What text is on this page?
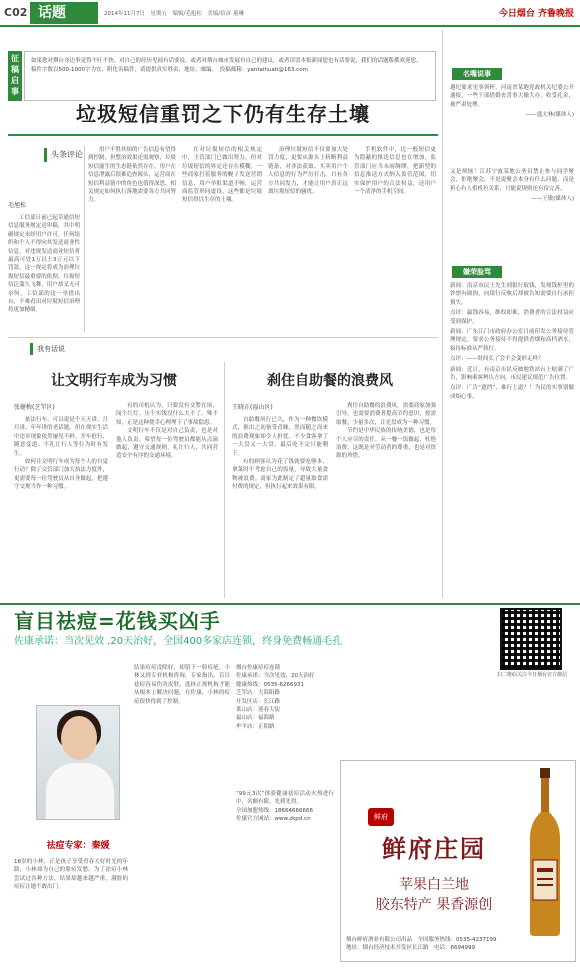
C02 话题	2014年11月7日　星期五　编辑/毛旭松　美编/信彦 董琳	今日烟台 齐鲁晚报
征稿启事
如果您对烟台身边事觉得不吐不快，对自己的经历见闻有话要说，或者对烟台城市发展有自己的建议，或者读罢本报新闻您也有话要说，我们的话题版都欢迎您。
稿件字数以500-1000字为宜，附化名稿件，请提供真实姓名、地址、邮编。　投稿邮箱：yantaihuati@163.com
垃圾短信重罚之下仍有生存土壤
头条评论
毛旭松

工信部日前已起草通信短信息服务规定送审稿，其中明确规定未经用户许可，任何组织和个人不得向其发送商业性信息，对违规发送商业短信者最高可处1万以上3万元以下罚款。这一规定将成为治理垃圾短信最重要的依据。垃圾短信泛滥久飞舞，用户却叉无可奈何，工信部的这一举措出台，不难看出对垃圾短信治理将更加精细。

用户不胜其烦的广告信息有望得到控制，但整治效果还需观察，垃圾短信滋生的生态链依然存在。用户在信息泄露后很难追查源头，运营商在短信利益链中的角色也值得深思，相关规定如何执行落地需要各方共同努力。

在对垃圾短信的相关规定中，主管部门已做出努力，但对垃圾短信的界定还存在模糊，一些商家打着服务的幌子发送营销信息，用户举报渠道不畅，运营商监管形同虚设，这些都是垃圾短信得以生存的土壤。

治理垃圾短信不仅要加大处罚力度，更要从源头上斩断利益链条，对非法获取、买卖用户个人信息的行为严厉打击。只有各方共同发力，才能让用户真正远离垃圾短信的骚扰。

手机软件中，比一般短信更为隐蔽的推送信息也在增加，监管部门应当未雨绸缪，把新型的信息推送方式纳入监管范围，切实保护用户的合法权益，还用户一个清净的手机空间。

名嘴说事

遵纪要求见事领杯，河南省某地党政机关纪委公开通报，一些干部借婚丧喜事大操大办，收受礼金，被严肃处理。

——盛大林(媒体人)

又是烦恼！江苏宁波某地公务员禁止参与同学聚会，拒绝聚会，不是说聚会本身有什么问题，而是担心有人借机拉关系，只能说规则还有待完善。

——王敏(媒体人)

嫌荣脸骂

新闻：南京市民王先生到银行取钱，发现钱柜里的钞票有破损，向银行反映后却被告知需要自行承担损失。

点评：赢钱容易，维权却难，消费者的合法权益应受到保护。

新闻：广东江门市政府办公室日前印发公务接待管理规定，要求公务接待不得提供香烟和高档酒水，接待标准从严执行。

点评：——时间长了会不会变形走样？

新闻：近日，有南京市民反映地铁站台上贴满了广告，影响乘客辨认方向，市民建议规范广告位置。

点评：广告“遮挡”，难行上道？！为民的实事别做成烦心事。

我有话说
让文明行车成为习惯
张健梅(芝罘区)

依法行车，可以说是个天天讲、月月讲、年年讲的老话题，但在现实生活中违章现象依然屡见不鲜。开车抢行、随意变道、不礼让行人等行为时有发生。

如何让文明行车成为每个人的自觉行动？除了交管部门加大执法力度外，更需要每一位驾驶员从自身做起，把遵守交规当作一种习惯。

有的司机认为，只要没有交警在场，闯个红灯、压个实线没什么大不了。殊不知，正是这种侥幸心理埋下了事故隐患。

文明行车不仅是对自己负责，也是对他人负责。希望每一位驾驶员都能从点滴做起，遵守交通规则，礼让行人，共同营造安全有序的交通环境。

刹住自助餐的浪费风
王晓正(福山区)

自助餐风行已久，作为一种餐饮模式，推出之初备受青睐，然而随之而来的浪费现象却令人担忧。不少食客拿了一大盘又一大盘，最后吃不完只能剩下。

有的顾客认为花了钱就要吃够本，拿菜时不考虑自己的饭量，导致大量食物被浪费。商家为此制定了超量取食需付费的规定，但执行起来效果有限。

刹住自助餐的浪费风，需要商家加强引导，也需要消费者提高节约意识，按需取餐，少量多次，让光盘成为一种习惯。

节约是中华民族的传统美德，也是每个人应尽的责任。从一餐一饭做起，杜绝浪费，这既是对劳动者的尊重，也是对资源的珍惜。

盲目祛痘=花钱买凶手
佐康承诺：当次见效 ,20天治好，全国400多家店连锁，终身免费畅通毛孔
扫二维码关注今日烟台官方微信
祛痘专家：秦媛
18岁的小林，正是孩子享受青春大好时光的年龄，小林却为自己的脸痘发愁。为了祛痘小林尝试过各种方法，结果却越来越严重，满脸的痘痘让她不敢出门。
结果痘痘没除好，却留下一脸痘疤。小林又到专业机构咨询，专家指出，盲目祛痘容易伤害皮肤，选择正规机构才能从根本上解决问题。在佐康，小林的痘痘很快得到了控制。
烟台佐康痘痘连锁
佐康承诺：当次见效，20天治好
健康热线：0535-6266931
芝罘店：大海阳路
开发区店：长江路
莱山店：迎春大街
福山店：福海路
牟平店：正阳路
“99元3次”体验健康祛痘活动火热进行中，名额有限，先到先得。
全国加盟热线：18664666666
佐康官方网站：www.zkpd.cn	鲜府
鲜府庄园
苹果白兰地
胶东特产 果香源创
烟台鲜府酒业有限公司出品　全国服务热线：0535-4237199
地址：烟台经济技术开发区长江路　电话：6694999
